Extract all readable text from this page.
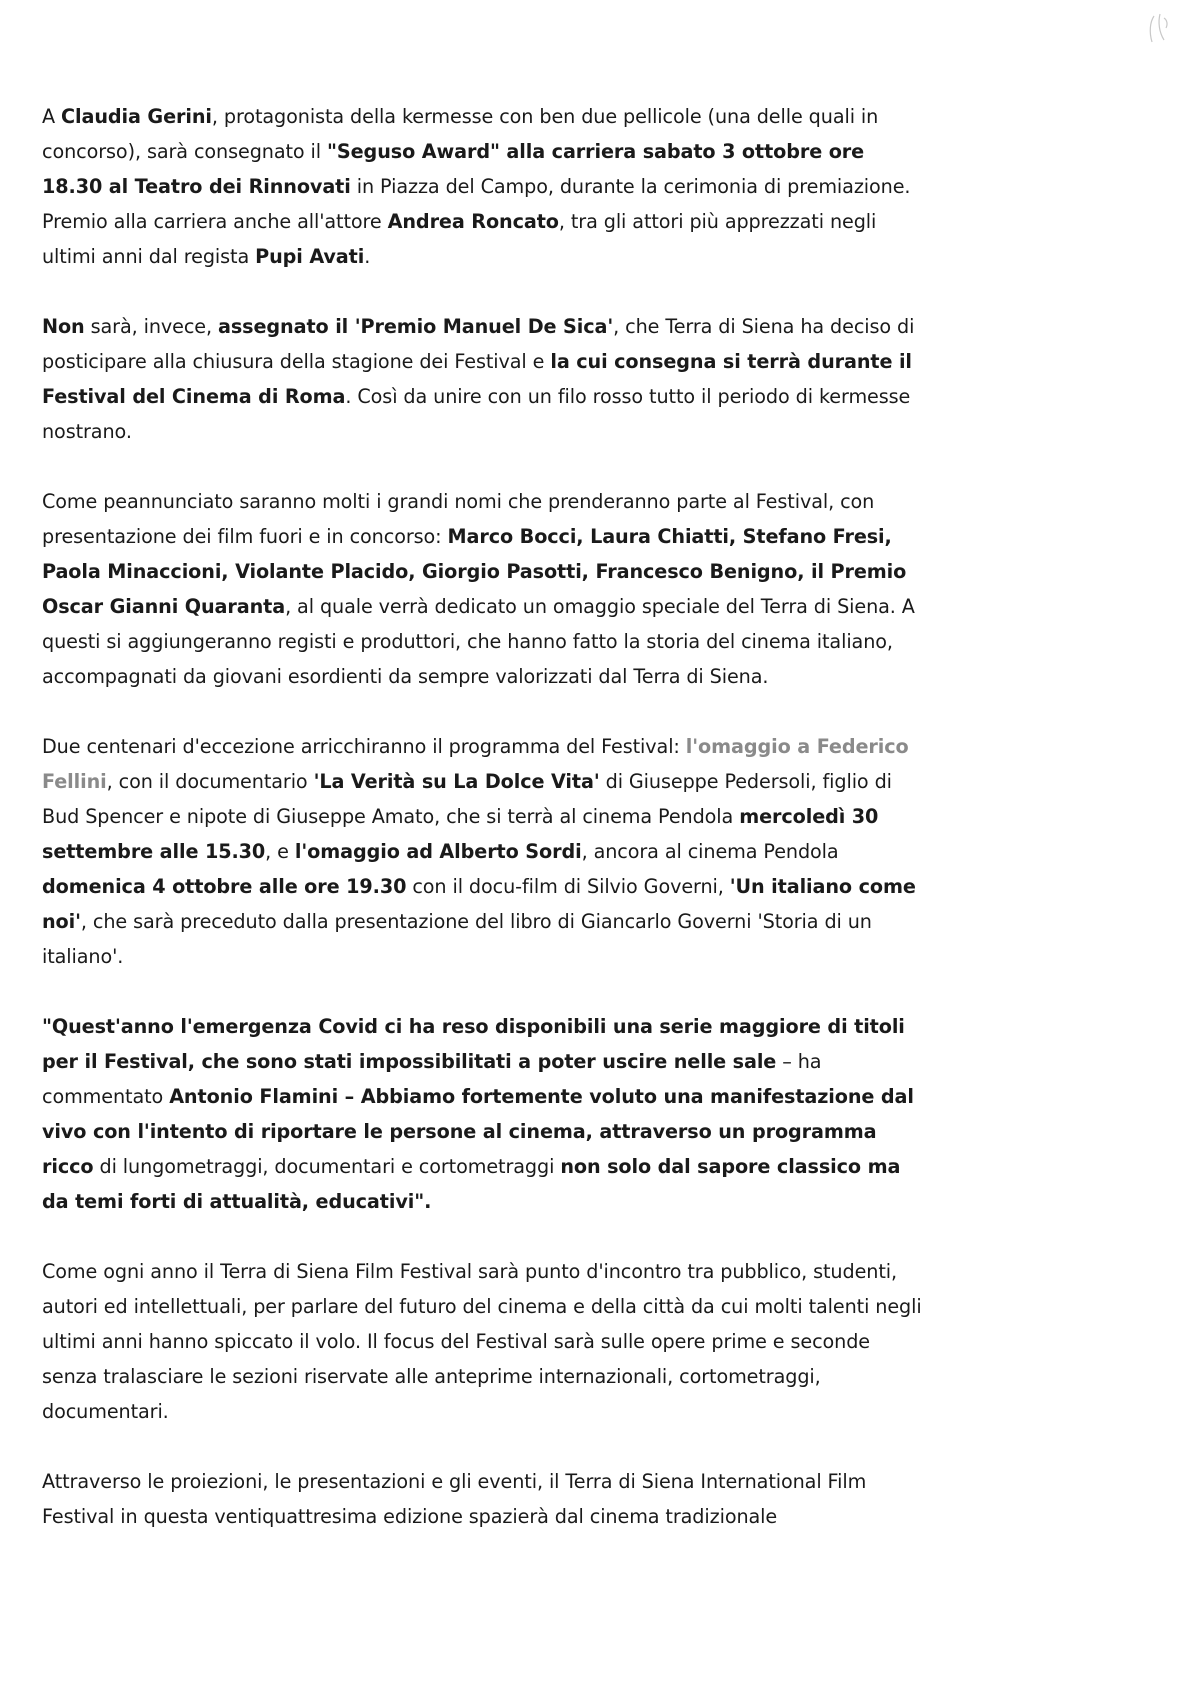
A Claudia Gerini, protagonista della kermesse con ben due pellicole (una delle quali in concorso), sarà consegnato il "Seguso Award" alla carriera sabato 3 ottobre ore 18.30 al Teatro dei Rinnovati in Piazza del Campo, durante la cerimonia di premiazione. Premio alla carriera anche all'attore Andrea Roncato, tra gli attori più apprezzati negli ultimi anni dal regista Pupi Avati.

Non sarà, invece, assegnato il 'Premio Manuel De Sica', che Terra di Siena ha deciso di posticipare alla chiusura della stagione dei Festival e la cui consegna si terrà durante il Festival del Cinema di Roma. Così da unire con un filo rosso tutto il periodo di kermesse nostrano.

Come peannunciato saranno molti i grandi nomi che prenderanno parte al Festival, con presentazione dei film fuori e in concorso: Marco Bocci, Laura Chiatti, Stefano Fresi, Paola Minaccioni, Violante Placido, Giorgio Pasotti, Francesco Benigno, il Premio Oscar Gianni Quaranta, al quale verrà dedicato un omaggio speciale del Terra di Siena. A questi si aggiungeranno registi e produttori, che hanno fatto la storia del cinema italiano, accompagnati da giovani esordienti da sempre valorizzati dal Terra di Siena.

Due centenari d'eccezione arricchiranno il programma del Festival: l'omaggio a Federico Fellini, con il documentario 'La Verità su La Dolce Vita' di Giuseppe Pedersoli, figlio di Bud Spencer e nipote di Giuseppe Amato, che si terrà al cinema Pendola mercoledì 30 settembre alle 15.30, e l'omaggio ad Alberto Sordi, ancora al cinema Pendola domenica 4 ottobre alle ore 19.30 con il docu-film di Silvio Governi, 'Un italiano come noi', che sarà preceduto dalla presentazione del libro di Giancarlo Governi 'Storia di un italiano'.

"Quest'anno l'emergenza Covid ci ha reso disponibili una serie maggiore di titoli per il Festival, che sono stati impossibilitati a poter uscire nelle sale – ha commentato Antonio Flamini – Abbiamo fortemente voluto una manifestazione dal vivo con l'intento di riportare le persone al cinema, attraverso un programma ricco di lungometraggi, documentari e cortometraggi non solo dal sapore classico ma da temi forti di attualità, educativi".

Come ogni anno il Terra di Siena Film Festival sarà punto d'incontro tra pubblico, studenti, autori ed intellettuali, per parlare del futuro del cinema e della città da cui molti talenti negli ultimi anni hanno spiccato il volo. Il focus del Festival sarà sulle opere prime e seconde senza tralasciare le sezioni riservate alle anteprime internazionali, cortometraggi, documentari.

Attraverso le proiezioni, le presentazioni e gli eventi, il Terra di Siena International Film Festival in questa ventiquattresima edizione spazierà dal cinema tradizionale
